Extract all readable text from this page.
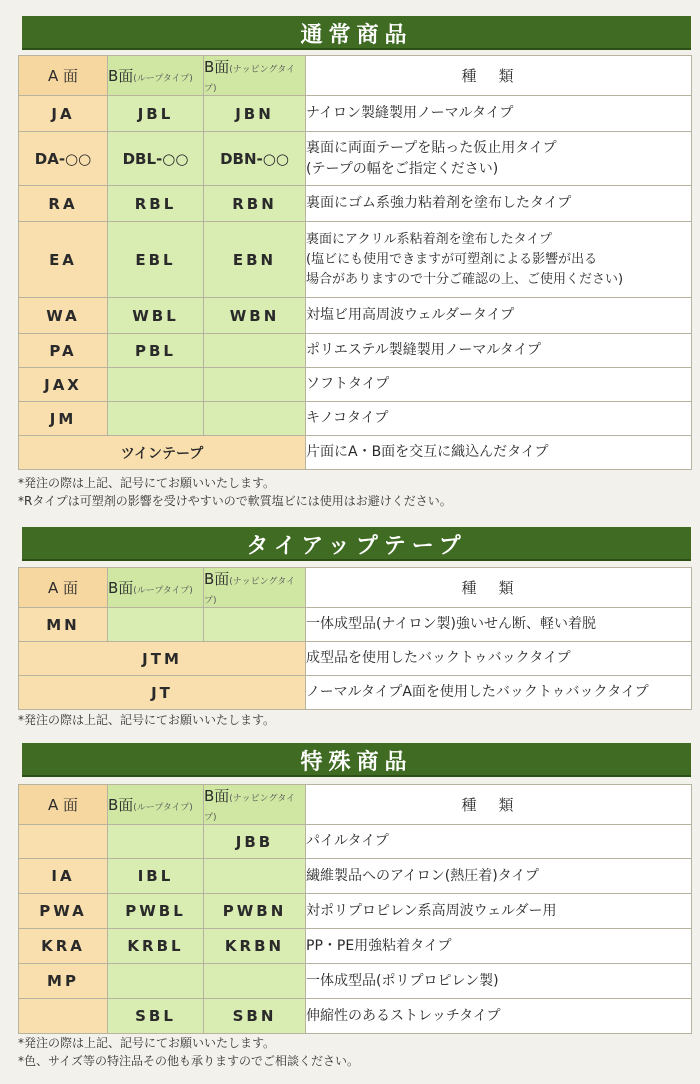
通常商品
A 面	B面(ループタイプ)	B面(ナッピングタイプ)	種類
JA	JBL	JBN	ナイロン製縫製用ノーマルタイプ

DA-○○	DBL-○○	DBN-○○	裏面に両面テープを貼った仮止用タイプ
(テープの幅をご指定ください)

RA	RBL	RBN	裏面にゴム系強力粘着剤を塗布したタイプ

EA	EBL	EBN	裏面にアクリル系粘着剤を塗布したタイプ
(塩ビにも使用できますが可塑剤による影響が出る
場合がありますので十分ご確認の上、ご使用ください)

WA	WBL	WBN	対塩ビ用高周波ウェルダータイプ

PA	PBL		ポリエステル製縫製用ノーマルタイプ

JAX			ソフトタイプ

JM			キノコタイプ

ツインテープ			片面にA・B面を交互に織込んだタイプ
*発注の際は上記、記号にてお願いいたします。
*Rタイプは可塑剤の影響を受けやすいので軟質塩ビには使用はお避けください。
タイアップテープ
A 面	B面(ループタイプ)	B面(ナッピングタイプ)	種類
MN			一体成型品(ナイロン製)強いせん断、軽い着脱
JTM			成型品を使用したバックトゥバックタイプ
JT			ノーマルタイプA面を使用したバックトゥバックタイプ
*発注の際は上記、記号にてお願いいたします。
特殊商品
A 面	B面(ループタイプ)	B面(ナッピングタイプ)	種類
		JBB	パイルタイプ
IA	IBL		繊維製品へのアイロン(熱圧着)タイプ
PWA	PWBL	PWBN	対ポリプロピレン系高周波ウェルダー用
KRA	KRBL	KRBN	PP・PE用強粘着タイプ
MP			一体成型品(ポリプロピレン製)
	SBL	SBN	伸縮性のあるストレッチタイプ
*発注の際は上記、記号にてお願いいたします。
*色、サイズ等の特注品その他も承りますのでご相談ください。
